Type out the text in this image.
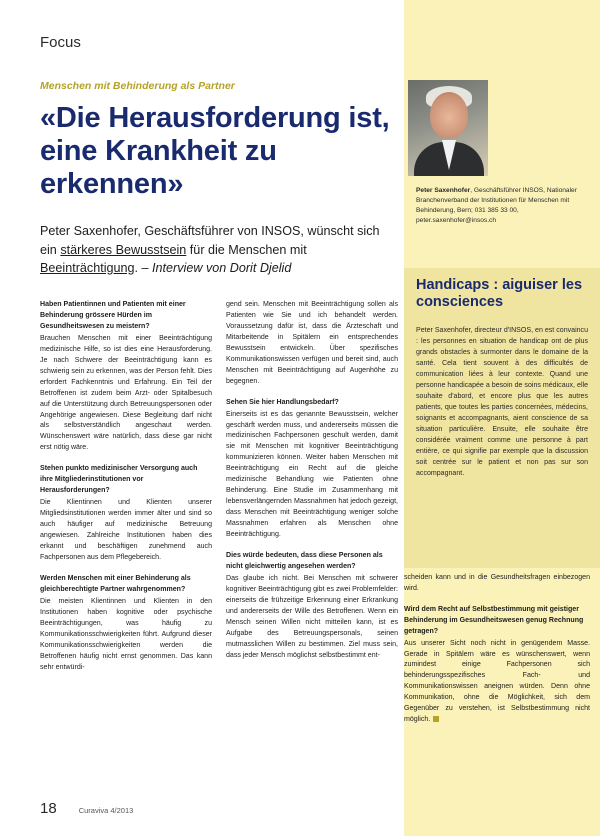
Focus
Menschen mit Behinderung als Partner
«Die Herausforderung ist, eine Krankheit zu erkennen»

Peter Saxenhofer, Geschäftsführer von INSOS, wünscht sich ein stärkeres Bewusstsein für die Menschen mit Beeinträchtigung. – Interview von Dorit Djelid

Haben Patientinnen und Patienten mit einer Behinderung grössere Hürden im Gesundheitswesen zu meistern?
Brauchen Menschen mit einer Beeinträchtigung medizinische Hilfe, so ist dies eine Herausforderung. Je nach Schwere der Beeinträchtigung kann es schwierig sein zu erkennen, was der Person fehlt. Dies erfordert Fachkenntnis und Erfahrung. Ein Teil der Betroffenen ist zudem beim Arzt- oder Spitalbesuch auf die Unterstützung durch Betreuungspersonen oder Angehörige angewiesen. Diese Begleitung darf nicht als selbstverständlich angeschaut werden. Wünschenswert wäre natürlich, dass diese gar nicht erst nötig wäre.
Stehen punkto medizinischer Versorgung auch ihre Mitgliederinstitutionen vor Herausforderungen?
Die Klientinnen und Klienten unserer Mitgliedsinstitutionen werden immer älter und sind so auch häufiger auf medizinische Betreuung angewiesen. Zahlreiche Institutionen haben dies erkannt und beschäftigen zunehmend auch Fachpersonen aus dem Pflegebereich.
Werden Menschen mit einer Behinderung als gleichberechtigte Partner wahrgenommen?
Die meisten Klientinnen und Klienten in den Institutionen haben kognitive oder psychische Beeinträchtigungen, was häufig zu Kommunikationsschwierigkeiten führt. Aufgrund dieser Kommunikationsschwierigkeiten werden die Betroffenen häufig nicht ernst genommen. Das kann sehr entwürdi-
gend sein. Menschen mit Beeinträchtigung sollen als Patienten wie Sie und ich behandelt werden. Voraussetzung dafür ist, dass die Ärzteschaft und Mitarbeitende in Spitälern ein entsprechendes Bewusstsein entwickeln. Über spezifisches Kommunikationswissen verfügen und bereit sind, auch Menschen mit Beeinträchtigung auf Augenhöhe zu begegnen.
Sehen Sie hier Handlungsbedarf?
Einerseits ist es das genannte Bewusstsein, welcher geschärft werden muss, und andererseits müssen die medizinischen Fachpersonen geschult werden, damit sie mit Menschen mit kognitiver Beeinträchtigung kommunizieren können. Weiter haben Menschen mit Beeinträchtigung ein Recht auf die gleiche medizinische Behandlung wie Patienten ohne Behinderung. Eine Studie im Zusammenhang mit lebensverlängernden Massnahmen hat jedoch gezeigt, dass Menschen mit Beeinträchtigung weniger solche Massnahmen erfahren als Menschen ohne Beeinträchtigung.
Dies würde bedeuten, dass diese Personen als nicht gleichwertig angesehen werden?
Das glaube ich nicht. Bei Menschen mit schwerer kognitiver Beeinträchtigung gibt es zwei Problemfelder: einerseits die frühzeitige Erkennung einer Erkrankung und andererseits der Wille des Betroffenen. Wenn ein Mensch seinen Willen nicht mitteilen kann, ist es Aufgabe des Betreuungspersonals, seinen mutmasslichen Willen zu bestimmen. Ziel muss sein, dass jeder Mensch möglichst selbstbestimmt ent-
Peter Saxenhofer, Geschäftsführer INSOS, Nationaler Branchenverband der Institutionen für Menschen mit Behinderung, Bern; 031 385 33 00, peter.saxenhofer@insos.ch
Handicaps : aiguiser les consciences
Peter Saxenhofer, directeur d'INSOS, en est convaincu : les personnes en situation de handicap ont de plus grands obstacles à surmonter dans le domaine de la santé. Cela tient souvent à des difficultés de communication liées à leur contexte. Quand une personne handicapée a besoin de soins médicaux, elle souhaite d'abord, et encore plus que les autres patients, que toutes les parties concernées, médecins, soignants et accompagnants, aient conscience de sa situation particulière. Ensuite, elle souhaite être considérée vraiment comme une personne à part entière, ce qui signifie par exemple que la discussion soit centrée sur le patient et non pas sur son accompagnant.
scheiden kann und in die Gesundheitsfragen einbezogen wird.
Wird dem Recht auf Selbstbestimmung mit geistiger Behinderung im Gesundheitswesen genug Rechnung getragen?
Aus unserer Sicht noch nicht in genügendem Masse. Gerade in Spitälern wäre es wünschenswert, wenn zumindest einige Fachpersonen sich behinderungsspezifisches Fach- und Kommunikationswissen aneignen würden. Denn ohne Kommunikation, ohne die Möglichkeit, sich dem Gegenüber zu verstehen, ist Selbstbestimmung nicht möglich.
18	Curaviva 4/2013
